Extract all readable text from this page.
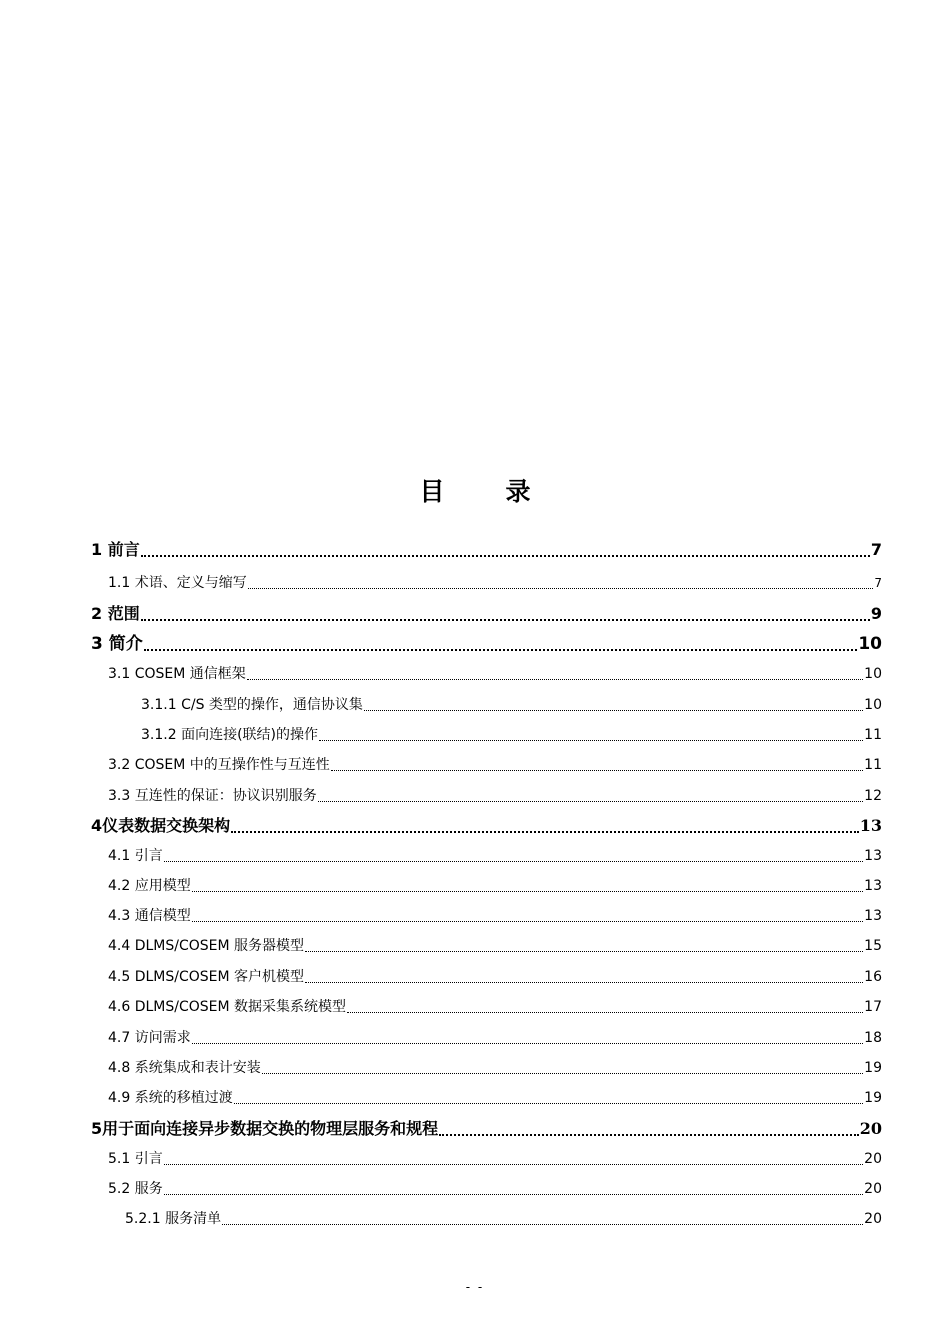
目　录
1 前言	7
1.1 术语、定义与缩写	7
2 范围	9
3 简介	10
3.1 COSEM 通信框架	10
3.1.1 C/S 类型的操作，通信协议集	10
3.1.2 面向连接(联结)的操作	11
3.2 COSEM 中的互操作性与互连性	11
3.3 互连性的保证：协议识别服务	12
4仪表数据交换架构	13
4.1 引言	13
4.2 应用模型	13
4.3 通信模型	13
4.4 DLMS/COSEM 服务器模型	15
4.5 DLMS/COSEM 客户机模型	16
4.6 DLMS/COSEM 数据采集系统模型	17
4.7 访问需求	18
4.8 系统集成和表计安装	19
4.9 系统的移植过渡	19
5用于面向连接异步数据交换的物理层服务和规程	20
5.1 引言	20
5.2 服务	20
5.2.1 服务清单	20
- -
